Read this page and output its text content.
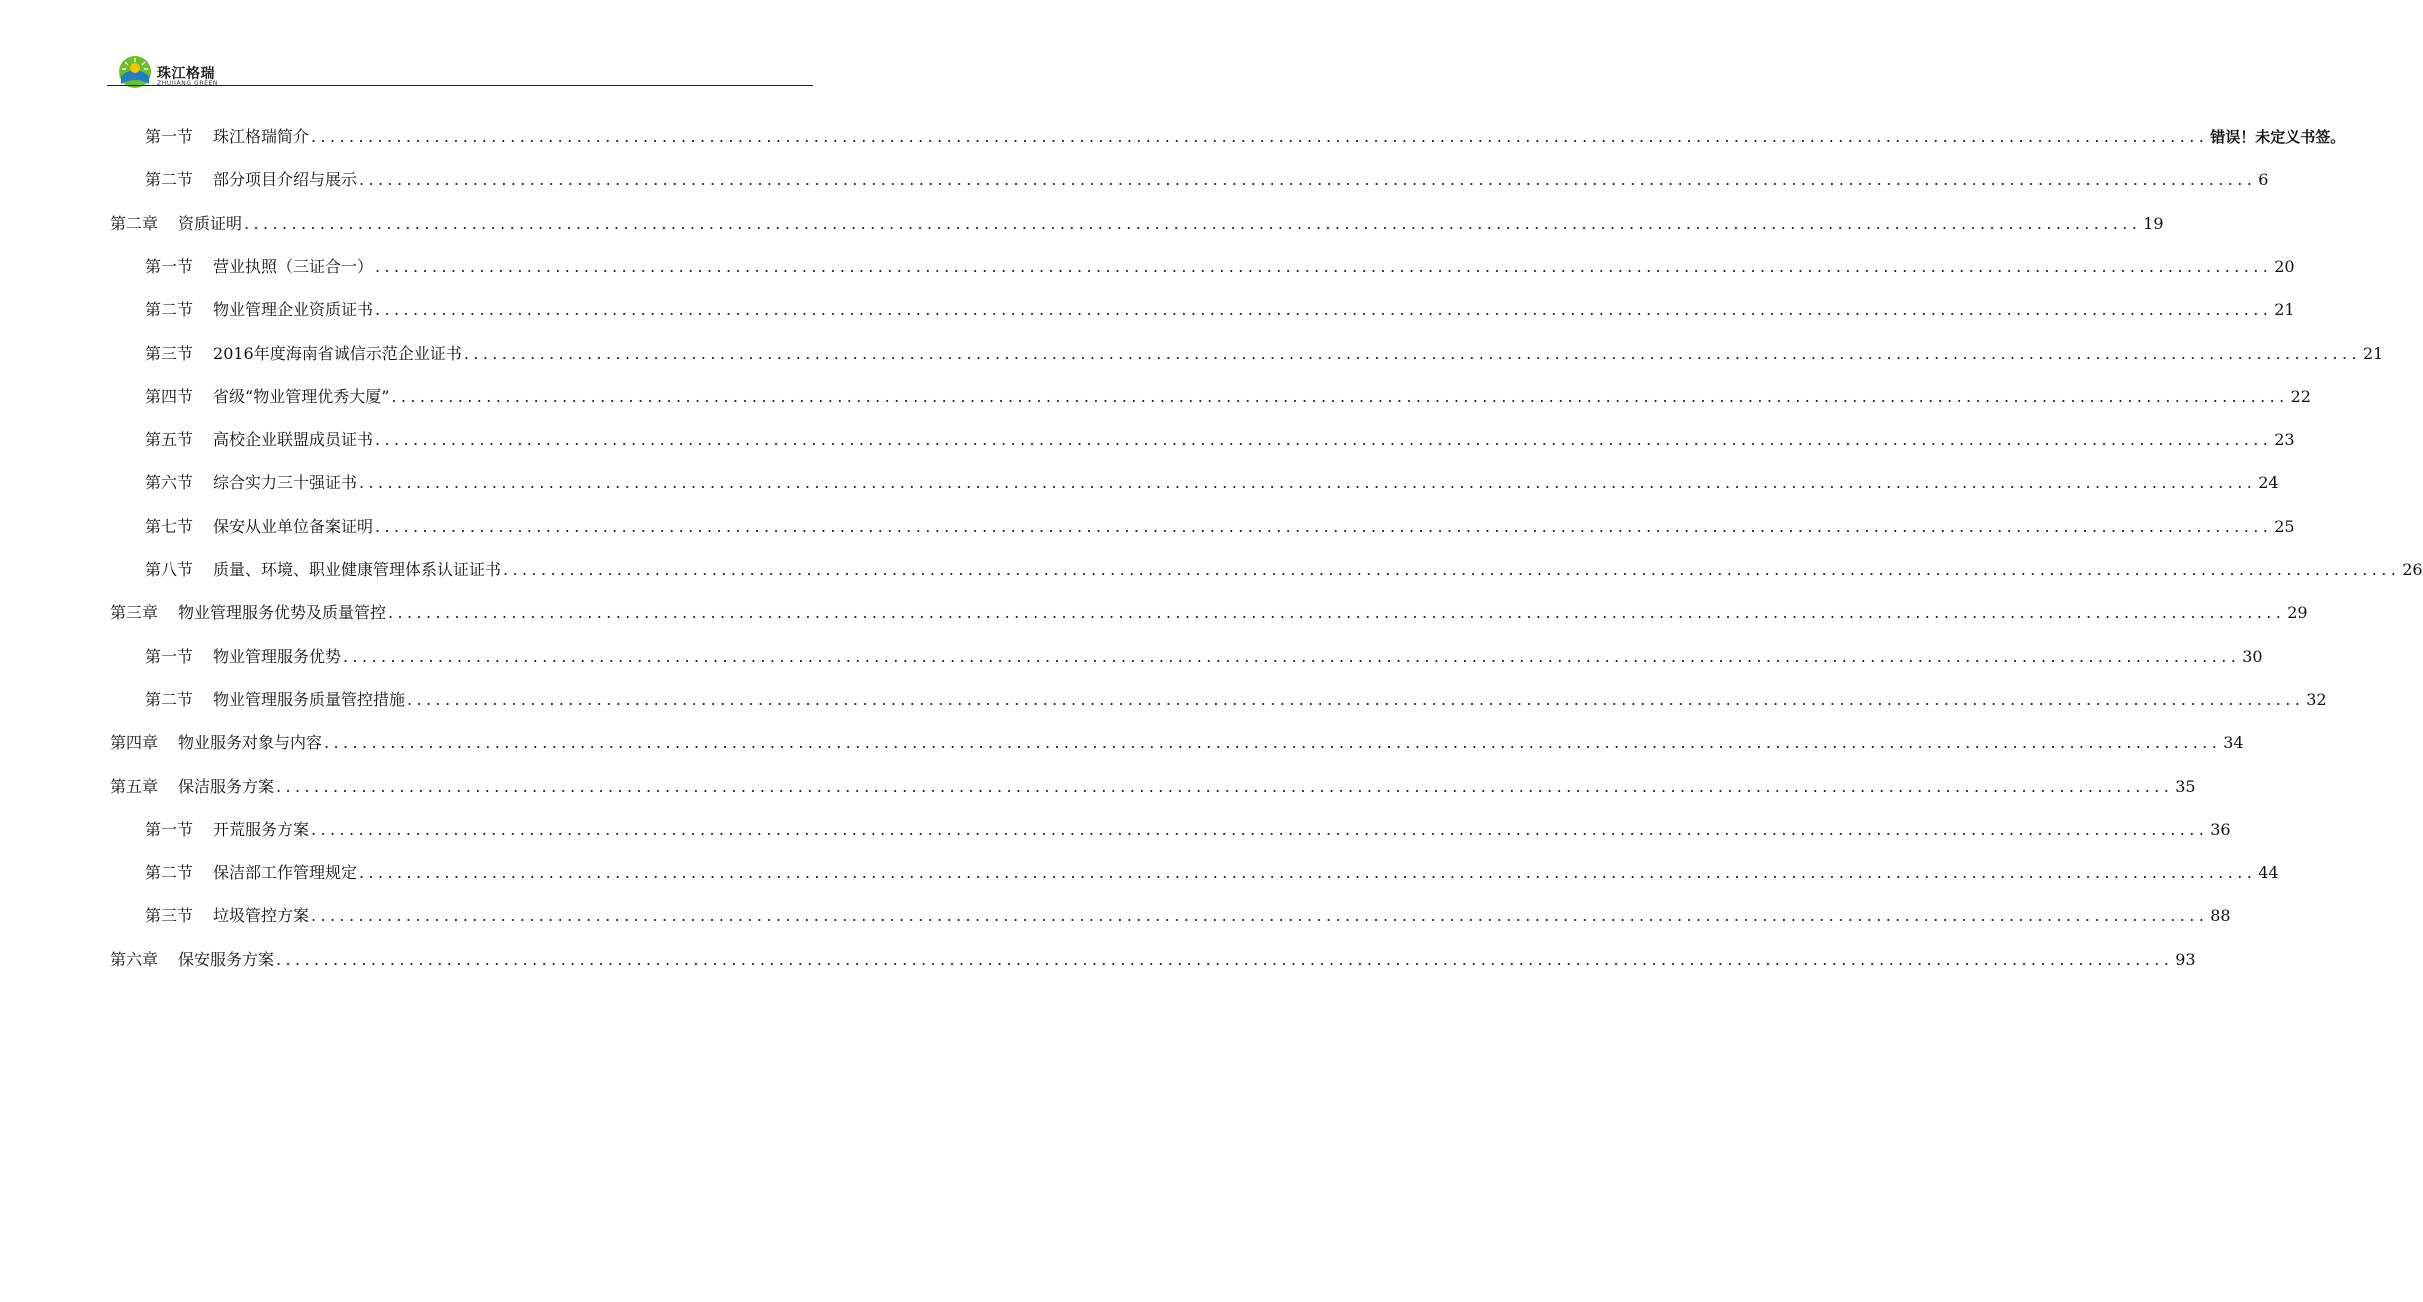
珠江格瑞
ZHUJIANG GREEN
第一节 珠江格瑞简介 ........................................................................................................................................................................................................ 错误！未定义书签。
第二节 部分项目介绍与展示 ........................................................................................................................................................................................................ 6
第二章 资质证明 ........................................................................................................................................................................................................ 19
第一节 营业执照（三证合一） ........................................................................................................................................................................................................ 20
第二节 物业管理企业资质证书 ........................................................................................................................................................................................................ 21
第三节 2016年度海南省诚信示范企业证书 ........................................................................................................................................................................................................ 21
第四节 省级“物业管理优秀大厦” ........................................................................................................................................................................................................ 22
第五节 高校企业联盟成员证书 ........................................................................................................................................................................................................ 23
第六节 综合实力三十强证书 ........................................................................................................................................................................................................ 24
第七节 保安从业单位备案证明 ........................................................................................................................................................................................................ 25
第八节 质量、环境、职业健康管理体系认证证书 ........................................................................................................................................................................................................ 26
第三章 物业管理服务优势及质量管控 ........................................................................................................................................................................................................ 29
第一节 物业管理服务优势 ........................................................................................................................................................................................................ 30
第二节 物业管理服务质量管控措施 ........................................................................................................................................................................................................ 32
第四章 物业服务对象与内容 ........................................................................................................................................................................................................ 34
第五章 保洁服务方案 ........................................................................................................................................................................................................ 35
第一节 开荒服务方案 ........................................................................................................................................................................................................ 36
第二节 保洁部工作管理规定 ........................................................................................................................................................................................................ 44
第三节 垃圾管控方案 ........................................................................................................................................................................................................ 88
第六章 保安服务方案 ........................................................................................................................................................................................................ 93
